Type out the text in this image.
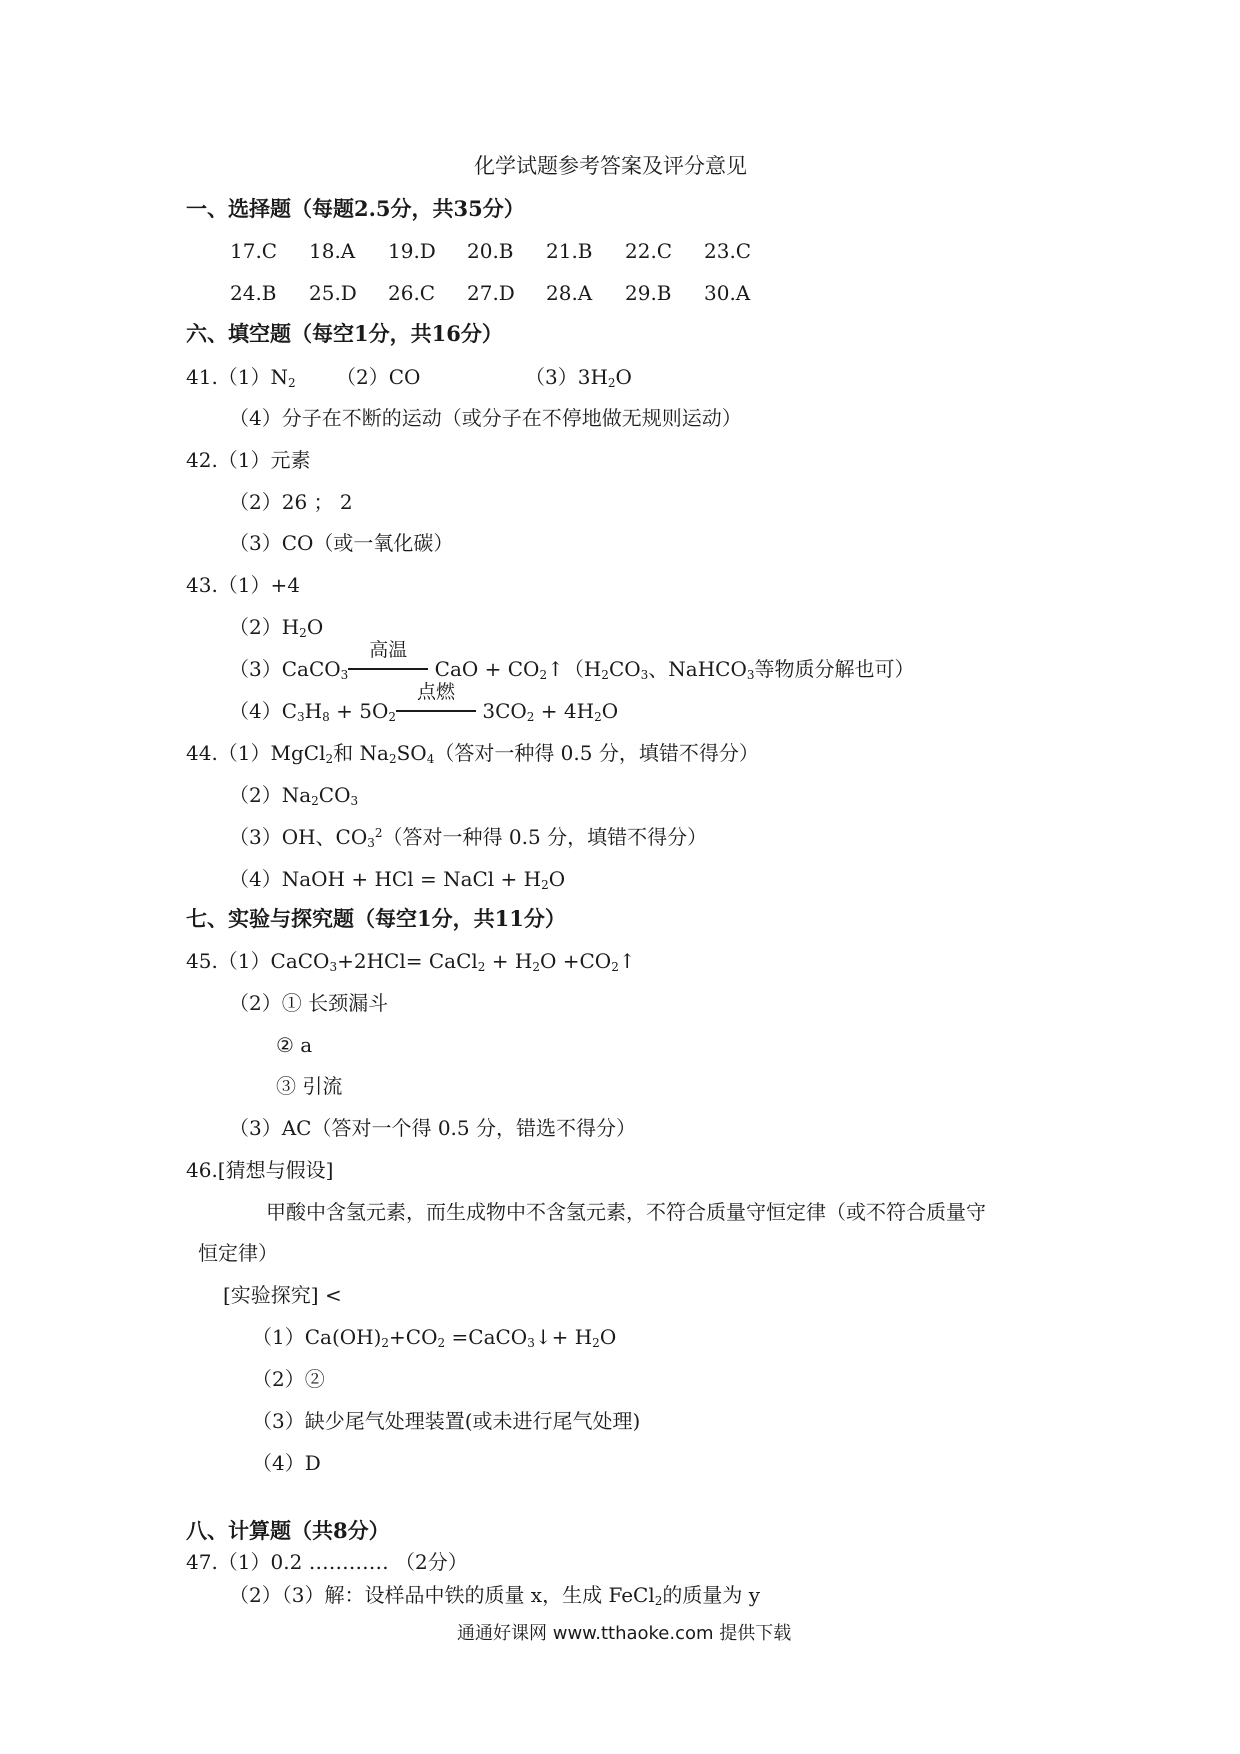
化学试题参考答案及评分意见
一、选择题（每题2.5分，共35分）
17.C 18.A 19.D 20.B 21.B 22.C 23.C
24.B 25.D 26.C 27.D 28.A 29.B 30.A
六、填空题（每空1分，共16分）
$41.(1)N_2$ （2）CO	$(3)3H_2O$
（4）分子在不断的运动（或分子在不停地做无规则运动）
42.（1）元素
（2）26 ； 2
（3）CO（或一氧化碳）
43.（1）+4
$(2)H_2O$
（3）CaCO$_3$
高温
CaO + $CO_2↑(H_2CO_3$、NaHCO$_3$等物质分解也可）
$(4)C_3H_8 + 5O_2$
点燃
$3CO_2 + 4H_2O$
44.（1）MgCl$_2$和 $Na_2SO_4$（答对一种得 0.5 分，填错不得分）
$(2)Na_2CO_3$
（3）OH、$CO_3^2$（答对一种得 0.5 分，填错不得分）
（4）NaOH + HCl = NaCl + $H_2O$
七、实验与探究题（每空1分，共11分）
45.（1）CaCO$_3$+2HCl= CaCl$_2$ + $H_2O$ $+CO_2↑$
（2）① 长颈漏斗
② a
③ 引流
（3）AC（答对一个得 0.5 分，错选不得分）
46.[猜想与假设]
甲酸中含氢元素，而生成物中不含氢元素，不符合质量守恒定律（或不符合质量守
恒定律）
[实验探究] <
$(1)Ca(OH)_2+CO_2$ =CaCO$_3$↓+ $H_2O$
（2）②
（3）缺少尾气处理装置(或未进行尾气处理)
（4）D
八、计算题（共8分）
47.（1）0.2 ………… （2分）
（2）（3）解：设样品中铁的质量 x，生成 FeCl$_2$的质量为 y
通通好课网 www.tthaoke.com 提供下载
